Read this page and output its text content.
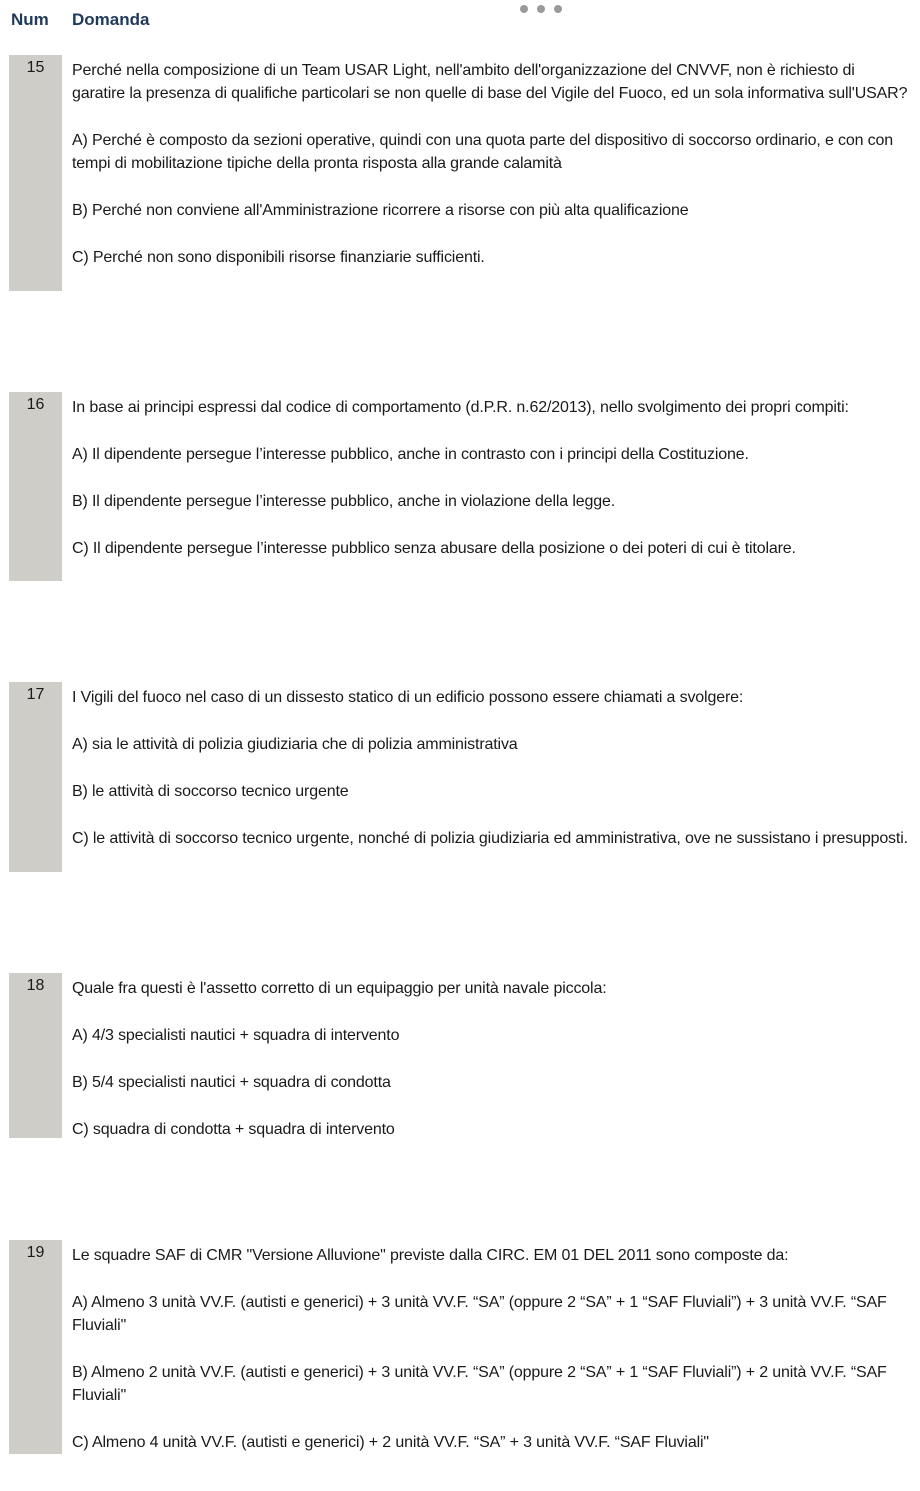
Num Domanda
15	Perché nella composizione di un Team USAR Light, nell'ambito dell'organizzazione del CNVVF, non è richiesto di garatire la presenza di qualifiche particolari se non quelle di base del Vigile del Fuoco, ed un sola informativa sull'USAR?

A) Perché è composto da sezioni operative, quindi con una quota parte del dispositivo di soccorso ordinario, e con con tempi di mobilitazione tipiche della pronta risposta alla grande calamità

B) Perché non conviene all'Amministrazione ricorrere a risorse con più alta qualificazione

C) Perché non sono disponibili risorse finanziarie sufficienti.

16	In base ai principi espressi dal codice di comportamento (d.P.R. n.62/2013), nello svolgimento dei propri compiti:

A) Il dipendente persegue l’interesse pubblico, anche in contrasto con i principi della Costituzione.

B) Il dipendente persegue l’interesse pubblico, anche in violazione della legge.

C) Il dipendente persegue l’interesse pubblico senza abusare della posizione o dei poteri di cui è titolare.

17	I Vigili del fuoco nel caso di un dissesto statico di un edificio possono essere chiamati a svolgere:

A) sia le attività di polizia giudiziaria che di polizia amministrativa

B) le attività di soccorso tecnico urgente

C) le attività di soccorso tecnico urgente, nonché di polizia giudiziaria ed amministrativa, ove ne sussistano i presupposti.

18	Quale fra questi è l'assetto corretto di un equipaggio per unità navale piccola:

A) 4/3 specialisti nautici + squadra di intervento

B) 5/4 specialisti nautici + squadra di condotta

C) squadra di condotta + squadra di intervento

19	Le squadre SAF di CMR "Versione Alluvione" previste dalla CIRC. EM 01 DEL 2011 sono composte da:

A) Almeno 3 unità VV.F. (autisti e generici) + 3 unità VV.F. “SA” (oppure 2 “SA” + 1 “SAF Fluviali”) + 3 unità VV.F. “SAF Fluviali"

B) Almeno 2 unità VV.F. (autisti e generici) + 3 unità VV.F. “SA” (oppure 2 “SA” + 1 “SAF Fluviali”) + 2 unità VV.F. “SAF Fluviali"

C) Almeno 4 unità VV.F. (autisti e generici) + 2 unità VV.F. “SA” + 3 unità VV.F. “SAF Fluviali"
